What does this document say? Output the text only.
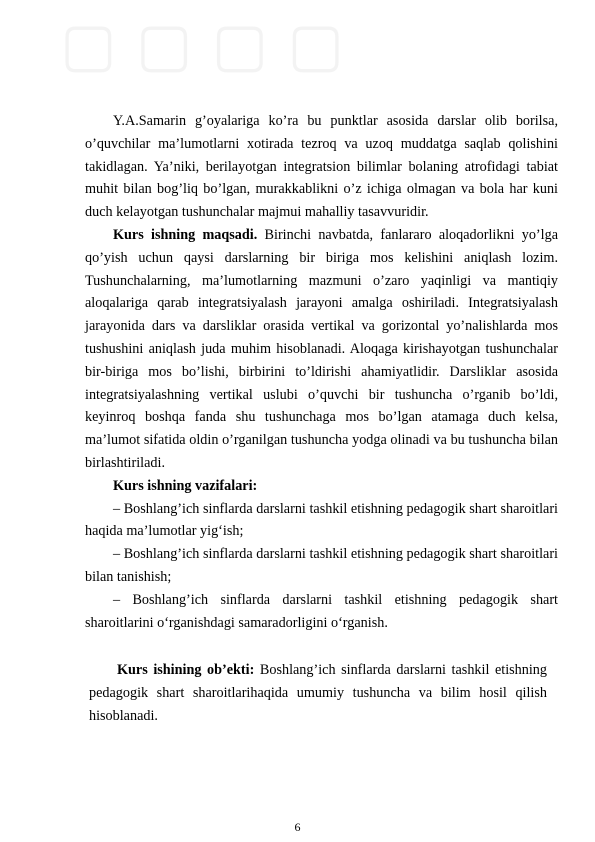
▢ ▢ ▢ ▢

Y.A.Samarin g’oyalariga ko’ra bu punktlar asosida darslar olib borilsa, o’quvchilar ma’lumotlarni xotirada tezroq va uzoq muddatga saqlab qolishini takidlagan. Ya’niki, berilayotgan integratsion bilimlar bolaning atrofidagi tabiat muhit bilan bog’liq bo’lgan, murakkablikni o’z ichiga olmagan va bola har kuni duch kelayotgan tushunchalar majmui mahalliy tasavvuridir.

Kurs ishning maqsadi. Birinchi navbatda, fanlararo aloqadorlikni yo’lga qo’yish uchun qaysi darslarning bir biriga mos kelishini aniqlash lozim. Tushunchalarning, ma’lumotlarning mazmuni o’zaro yaqinligi va mantiqiy aloqalariga qarab integratsiyalash jarayoni amalga oshiriladi. Integratsiyalash jarayonida dars va darsliklar orasida vertikal va gorizontal yo’nalishlarda mos tushushini aniqlash juda muhim hisoblanadi. Aloqaga kirishayotgan tushunchalar bir-biriga mos bo’lishi, birbirini to’ldirishi ahamiyatlidir. Darsliklar asosida integratsiyalashning vertikal uslubi o’quvchi bir tushuncha o’rganib bo’ldi, keyinroq boshqa fanda shu tushunchaga mos bo’lgan atamaga duch kelsa, ma’lumot sifatida oldin o’rganilgan tushuncha yodga olinadi va bu tushuncha bilan birlashtiriladi.

Kurs ishning vazifalari:

– Boshlang’ich sinflarda darslarni tashkil etishning pedagogik shart sharoitlari haqida ma’lumotlar yig‘ish;

– Boshlang’ich sinflarda darslarni tashkil etishning pedagogik shart sharoitlari bilan tanishish;

– Boshlang’ich sinflarda darslarni tashkil etishning pedagogik shart sharoitlarini o‘rganishdagi samaradorligini o‘rganish.

Kurs ishining ob’ekti: Boshlang’ich sinflarda darslarni tashkil etishning pedagogik shart sharoitlarihaqida umumiy tushuncha va bilim hosil qilish hisoblanadi.

6
